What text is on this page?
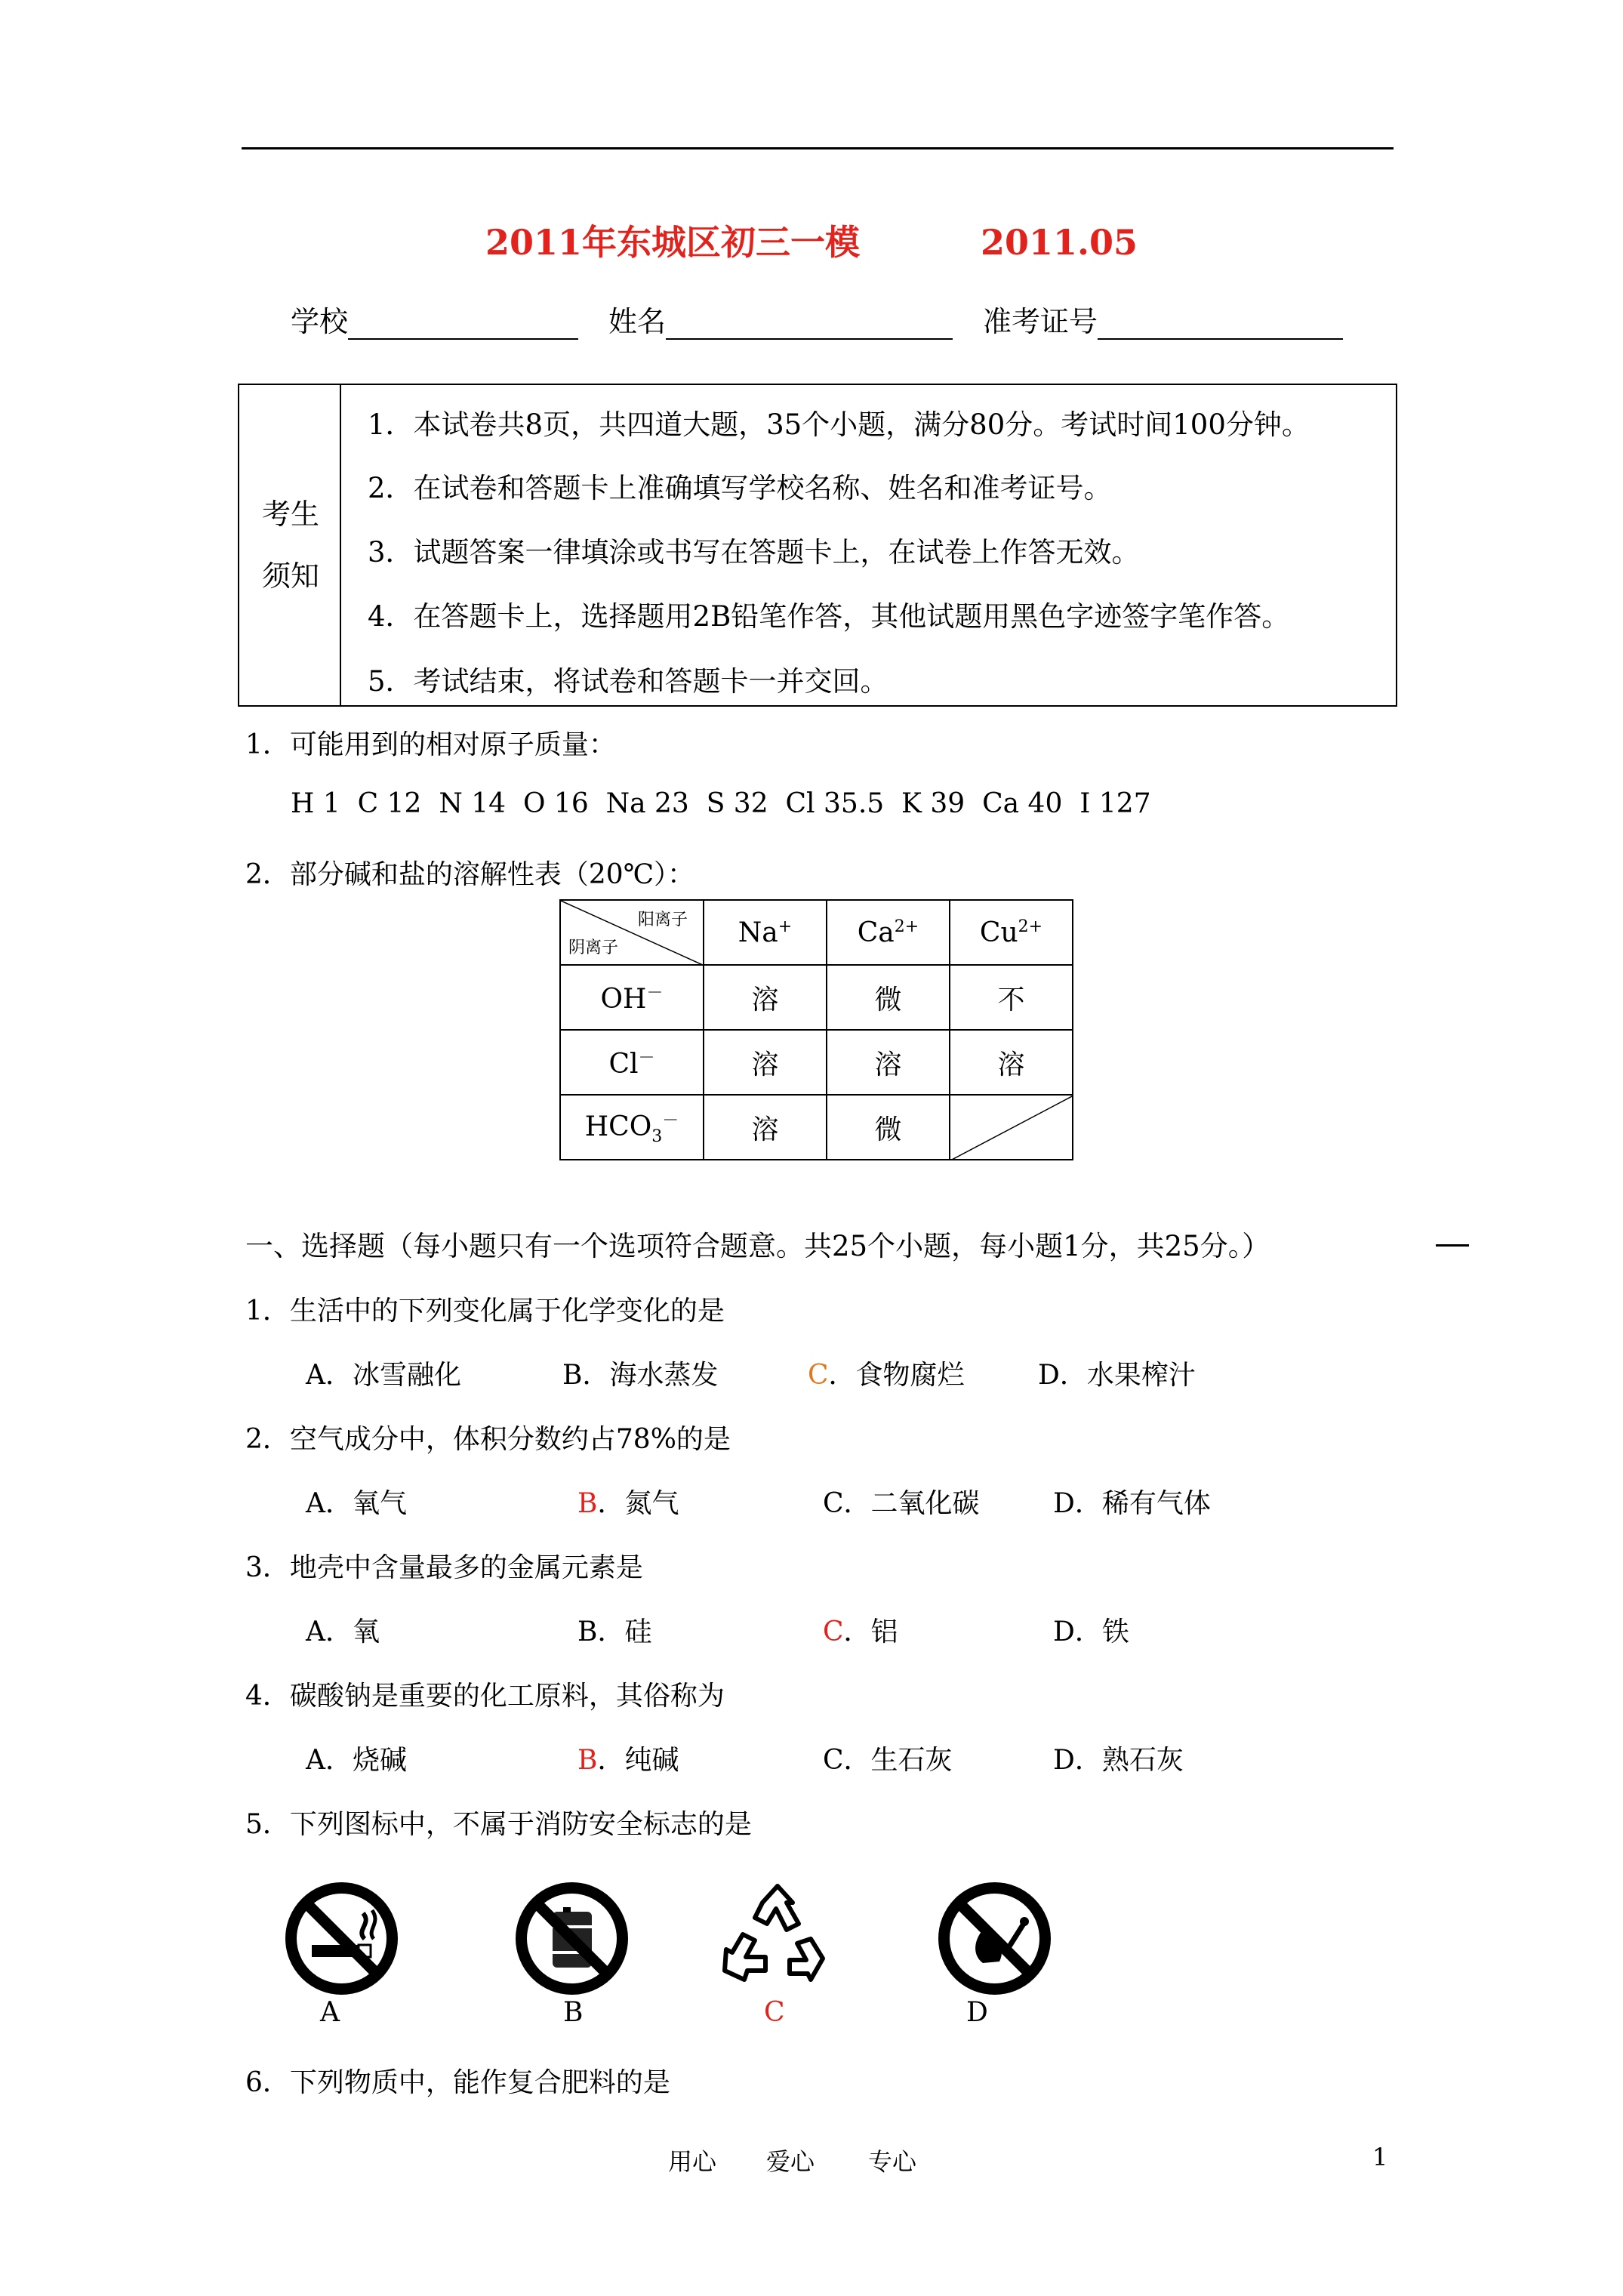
2011年东城区初三一模	2011.05
学校	姓名	准考证号
考生
须知
1．本试卷共8页，共四道大题，35个小题，满分80分。考试时间100分钟。
2．在试卷和答题卡上准确填写学校名称、姓名和准考证号。
3．试题答案一律填涂或书写在答题卡上，在试卷上作答无效。
4．在答题卡上，选择题用2B铅笔作答，其他试题用黑色字迹签字笔作答。
5．考试结束，将试卷和答题卡一并交回。
1．可能用到的相对原子质量：
H 1  C 12  N 14  O 16  Na 23  S 32  Cl 35.5  K 39  Ca 40  I 127
2．部分碱和盐的溶解性表（20℃）：
阳离子
阴离子	Na+	$Ca^{2+}$	$Cu^{2+}$
OH－	溶	微	不
Cl－	溶	溶	溶
$HCO_3^-$	溶	微	
一、选择题（每小题只有一个选项符合题意。共25个小题，每小题1分，共25分。）
1．生活中的下列变化属于化学变化的是
A．冰雪融化	B．海水蒸发	C．食物腐烂	D．水果榨汁
2．空气成分中，体积分数约占78%的是
A．氧气	B．氮气	C．二氧化碳	D．稀有气体
3．地壳中含量最多的金属元素是
A．氧	B．硅	C．铝	D．铁
4．碳酸钠是重要的化工原料，其俗称为
A．烧碱	B．纯碱	C．生石灰	D．熟石灰
5．下列图标中，不属于消防安全标志的是
A	B	C	D
6．下列物质中，能作复合肥料的是
用心 爱心 专心	1
